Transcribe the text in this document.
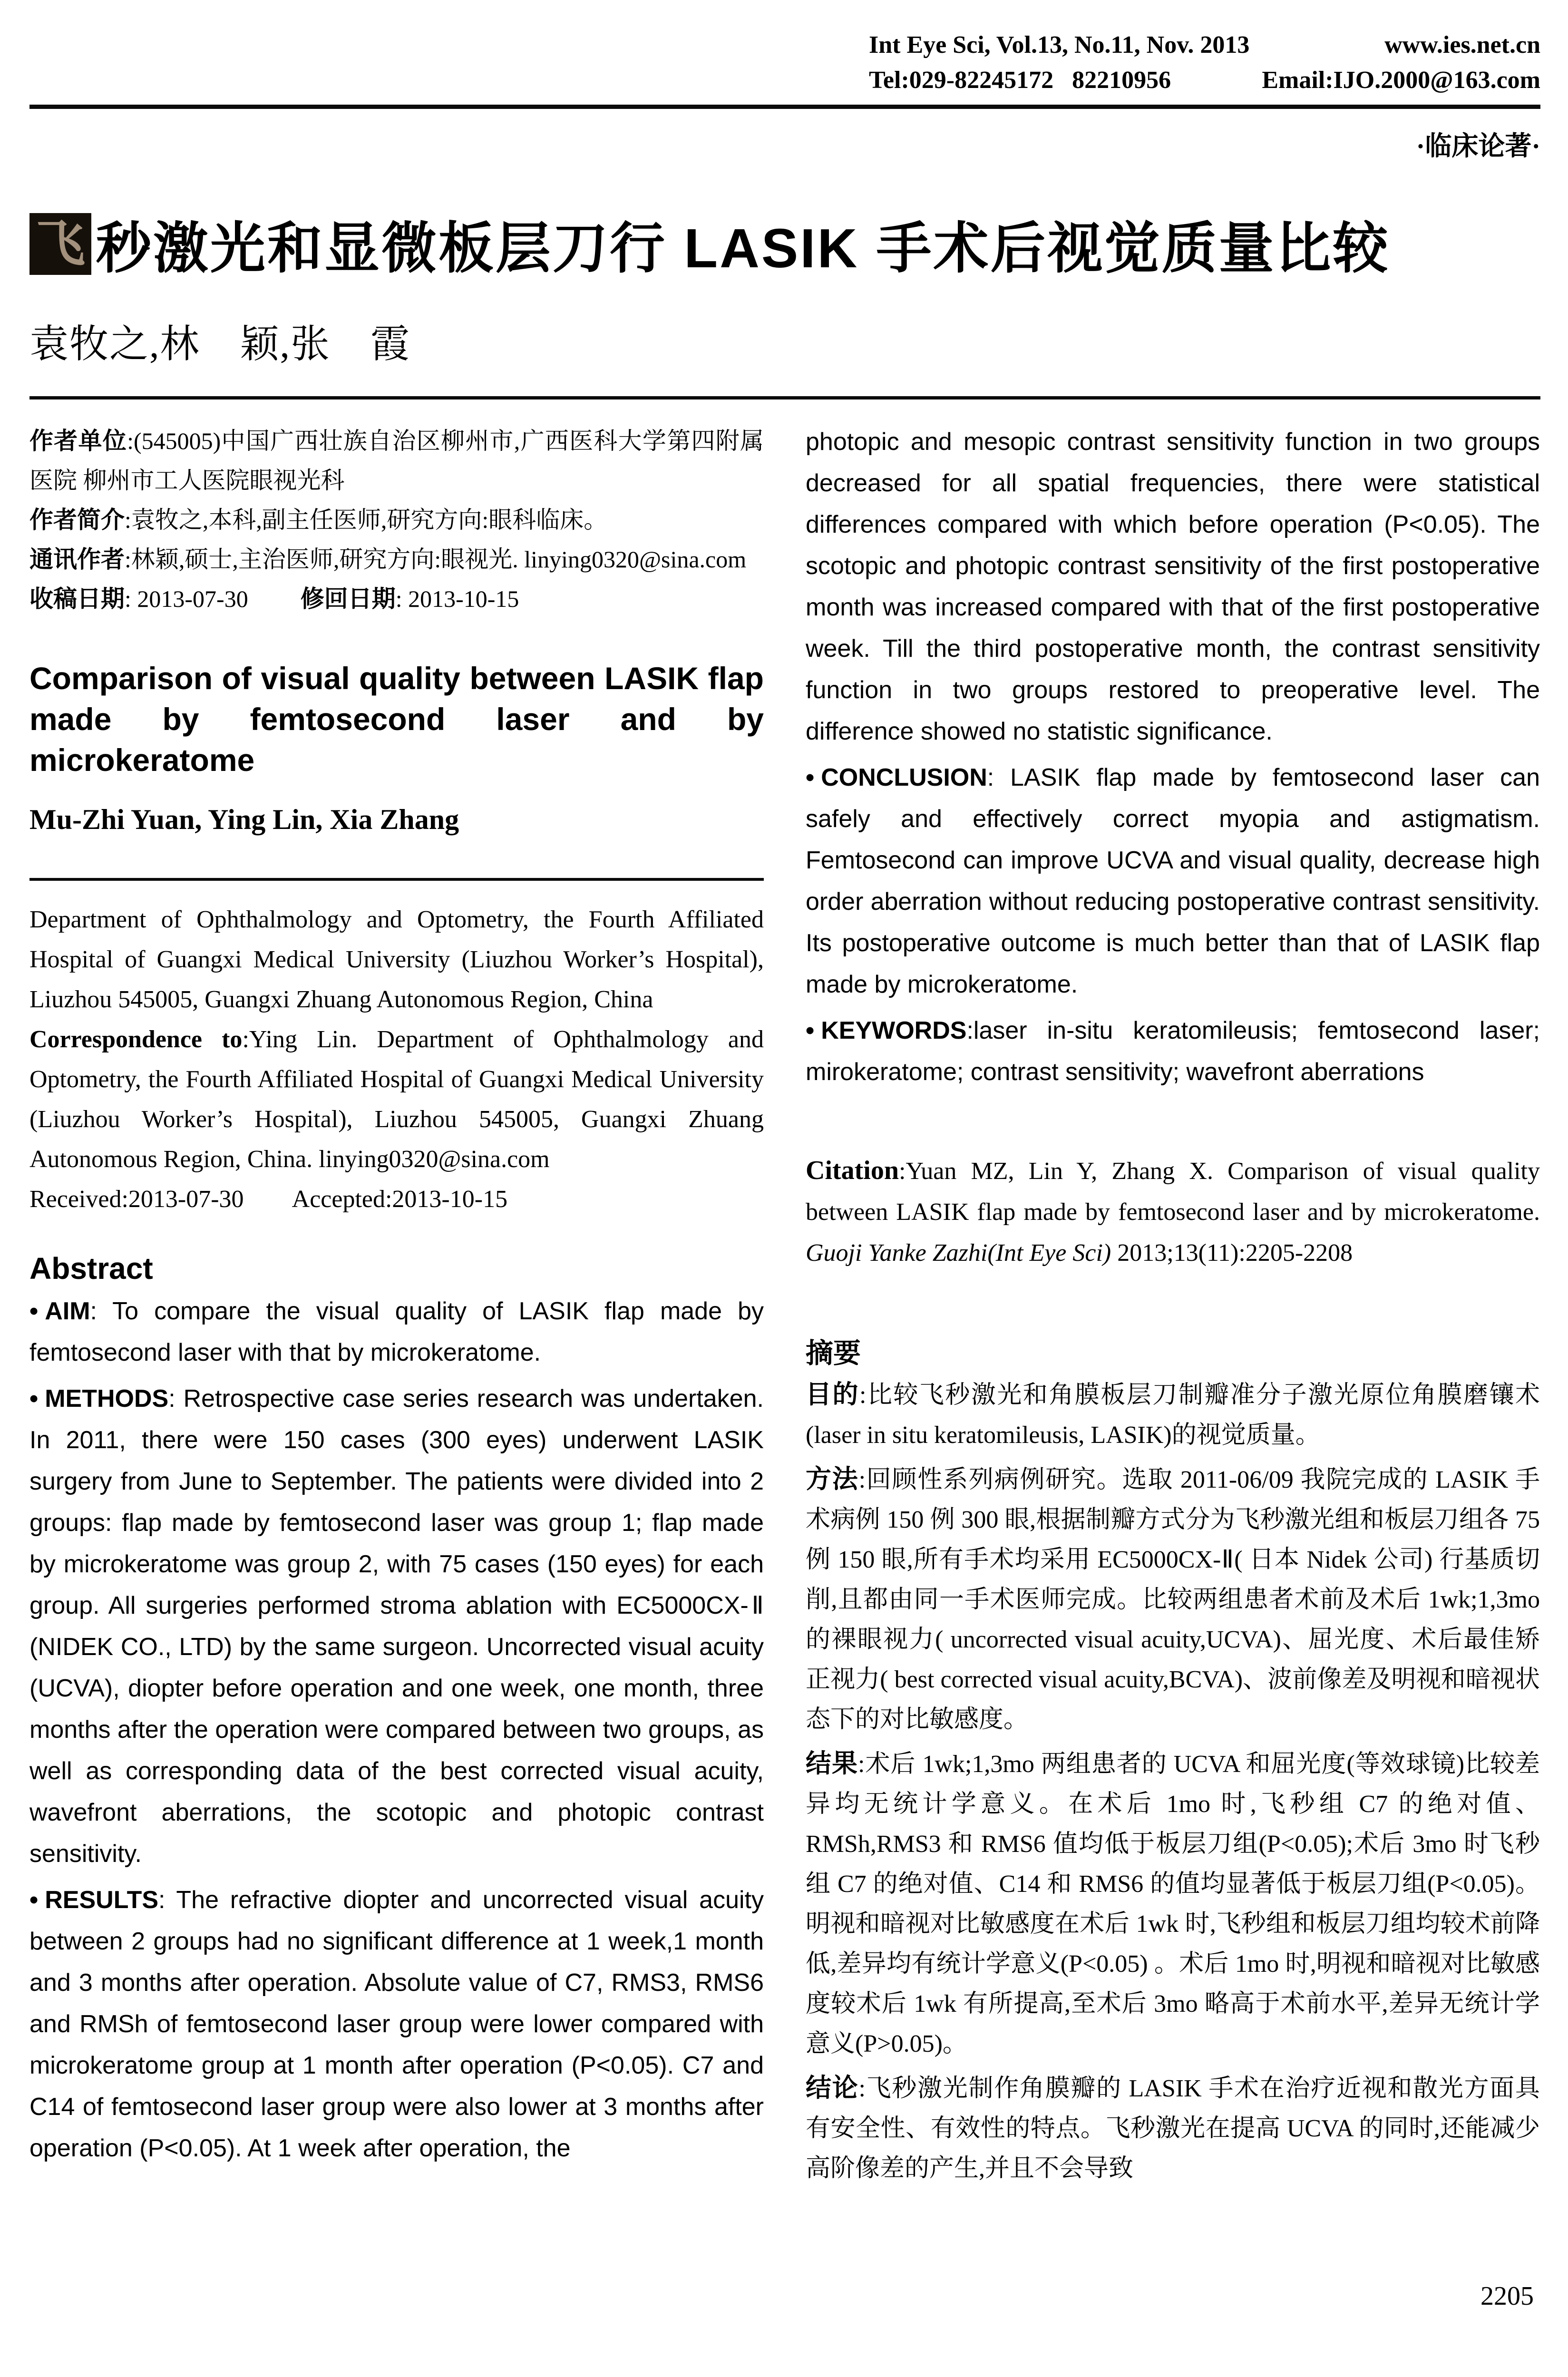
Int Eye Sci, Vol.13, No.11, Nov. 2013	www.ies.net.cn
Tel:029-82245172   82210956	Email:IJO.2000@163.com
·临床论著·
飞 秒激光和显微板层刀行 LASIK 手术后视觉质量比较
袁牧之,林　颖,张　霞

作者单位:(545005)中国广西壮族自治区柳州市,广西医科大学第四附属医院 柳州市工人医院眼视光科

作者简介:袁牧之,本科,副主任医师,研究方向:眼科临床。

通讯作者:林颖,硕士,主治医师,研究方向:眼视光. linying0320@sina.com

收稿日期: 2013-07-30 修回日期: 2013-10-15

Comparison of visual quality between LASIK flap made by femtosecond laser and by microkeratome

Mu-Zhi Yuan, Ying Lin, Xia Zhang

Department of Ophthalmology and Optometry, the Fourth Affiliated Hospital of Guangxi Medical University (Liuzhou Worker’s Hospital), Liuzhou 545005, Guangxi Zhuang Autonomous Region, China

Correspondence to:Ying Lin. Department of Ophthalmology and Optometry, the Fourth Affiliated Hospital of Guangxi Medical University (Liuzhou Worker’s Hospital), Liuzhou 545005, Guangxi Zhuang Autonomous Region, China. linying0320@sina.com

Received:2013-07-30        Accepted:2013-10-15

Abstract

• AIM: To compare the visual quality of LASIK flap made by femtosecond laser with that by microkeratome.

• METHODS: Retrospective case series research was undertaken. In 2011, there were 150 cases (300 eyes) underwent LASIK surgery from June to September. The patients were divided into 2 groups: flap made by femtosecond laser was group 1; flap made by microkeratome was group 2, with 75 cases (150 eyes) for each group. All surgeries performed stroma ablation with EC5000CX-Ⅱ (NIDEK CO., LTD) by the same surgeon. Uncorrected visual acuity (UCVA), diopter before operation and one week, one month, three months after the operation were compared between two groups, as well as corresponding data of the best corrected visual acuity, wavefront aberrations, the scotopic and photopic contrast sensitivity.

• RESULTS: The refractive diopter and uncorrected visual acuity between 2 groups had no significant difference at 1 week,1 month and 3 months after operation. Absolute value of C7, RMS3, RMS6 and RMSh of femtosecond laser group were lower compared with microkeratome group at 1 month after operation (P<0.05). C7 and C14 of femtosecond laser group were also lower at 3 months after operation (P<0.05). At 1 week after operation, the

photopic and mesopic contrast sensitivity function in two groups decreased for all spatial frequencies, there were statistical differences compared with which before operation (P<0.05). The scotopic and photopic contrast sensitivity of the first postoperative month was increased compared with that of the first postoperative week. Till the third postoperative month, the contrast sensitivity function in two groups restored to preoperative level. The difference showed no statistic significance.

• CONCLUSION: LASIK flap made by femtosecond laser can safely and effectively correct myopia and astigmatism. Femtosecond can improve UCVA and visual quality, decrease high order aberration without reducing postoperative contrast sensitivity. Its postoperative outcome is much better than that of LASIK flap made by microkeratome.

• KEYWORDS:laser in-situ keratomileusis; femtosecond laser; mirokeratome; contrast sensitivity; wavefront aberrations

Citation:Yuan MZ, Lin Y, Zhang X. Comparison of visual quality between LASIK flap made by femtosecond laser and by microkeratome. Guoji Yanke Zazhi(Int Eye Sci) 2013;13(11):2205-2208

摘要

目的:比较飞秒激光和角膜板层刀制瓣准分子激光原位角膜磨镶术(laser in situ keratomileusis, LASIK)的视觉质量。

方法:回顾性系列病例研究。选取 2011-06/09 我院完成的 LASIK 手术病例 150 例 300 眼,根据制瓣方式分为飞秒激光组和板层刀组各 75 例 150 眼,所有手术均采用 EC5000CX-Ⅱ( 日本 Nidek 公司) 行基质切削,且都由同一手术医师完成。比较两组患者术前及术后 1wk;1,3mo 的裸眼视力( uncorrected visual acuity,UCVA)、屈光度、术后最佳矫正视力( best corrected visual acuity,BCVA)、波前像差及明视和暗视状态下的对比敏感度。

结果:术后 1wk;1,3mo 两组患者的 UCVA 和屈光度(等效球镜)比较差异均无统计学意义。在术后 1mo 时,飞秒组 C7 的绝对值、RMSh,RMS3 和 RMS6 值均低于板层刀组(P<0.05);术后 3mo 时飞秒组 C7 的绝对值、C14 和 RMS6 的值均显著低于板层刀组(P<0.05)。明视和暗视对比敏感度在术后 1wk 时,飞秒组和板层刀组均较术前降低,差异均有统计学意义(P<0.05) 。术后 1mo 时,明视和暗视对比敏感度较术后 1wk 有所提高,至术后 3mo 略高于术前水平,差异无统计学意义(P>0.05)。

结论:飞秒激光制作角膜瓣的 LASIK 手术在治疗近视和散光方面具有安全性、有效性的特点。飞秒激光在提高 UCVA 的同时,还能减少高阶像差的产生,并且不会导致

2205
